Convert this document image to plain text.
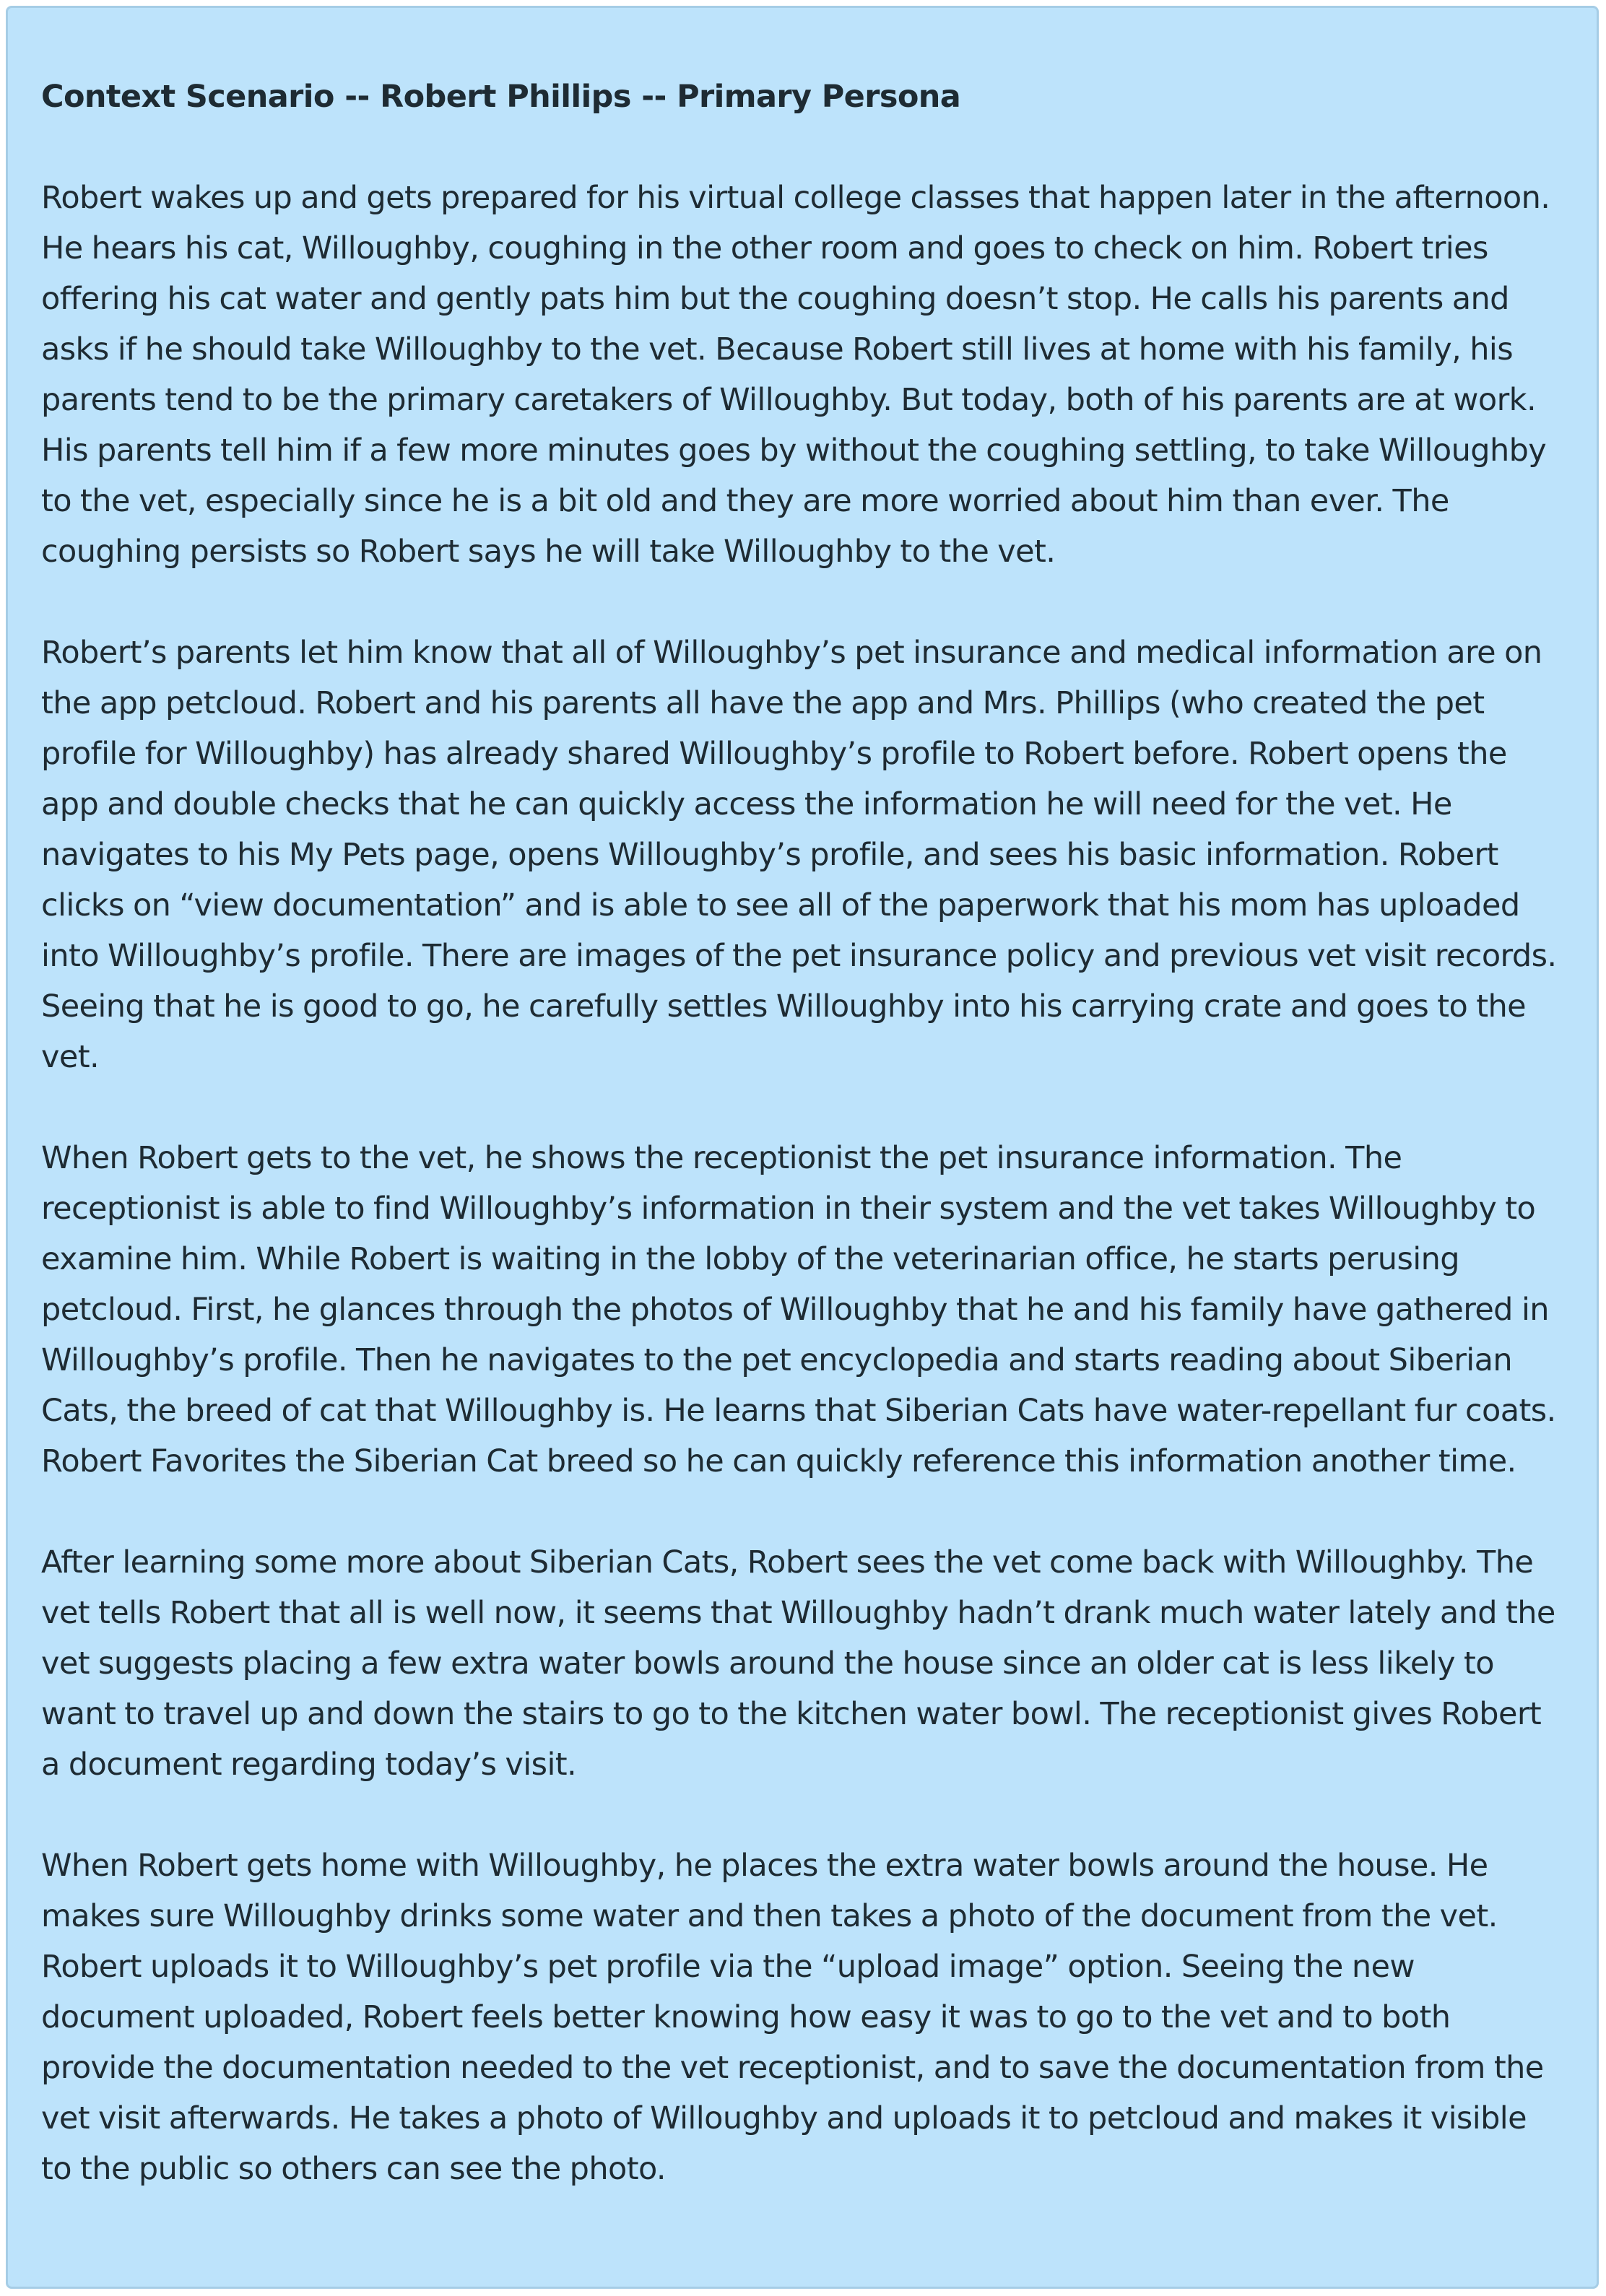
Context Scenario -- Robert Phillips -- Primary Persona

Robert wakes up and gets prepared for his virtual college classes that happen later in the afternoon. He hears his cat, Willoughby, coughing in the other room and goes to check on him. Robert tries offering his cat water and gently pats him but the coughing doesn’t stop. He calls his parents and asks if he should take Willoughby to the vet. Because Robert still lives at home with his family, his parents tend to be the primary caretakers of Willoughby. But today, both of his parents are at work. His parents tell him if a few more minutes goes by without the coughing settling, to take Willoughby to the vet, especially since he is a bit old and they are more worried about him than ever. The coughing persists so Robert says he will take Willoughby to the vet.

Robert’s parents let him know that all of Willoughby’s pet insurance and medical information are on the app petcloud. Robert and his parents all have the app and Mrs. Phillips (who created the pet profile for Willoughby) has already shared Willoughby’s profile to Robert before. Robert opens the app and double checks that he can quickly access the information he will need for the vet. He navigates to his My Pets page, opens Willoughby’s profile, and sees his basic information. Robert clicks on “view documentation” and is able to see all of the paperwork that his mom has uploaded into Willoughby’s profile. There are images of the pet insurance policy and previous vet visit records. Seeing that he is good to go, he carefully settles Willoughby into his carrying crate and goes to the vet.

When Robert gets to the vet, he shows the receptionist the pet insurance information. The receptionist is able to find Willoughby’s information in their system and the vet takes Willoughby to examine him. While Robert is waiting in the lobby of the veterinarian office, he starts perusing petcloud. First, he glances through the photos of Willoughby that he and his family have gathered in Willoughby’s profile. Then he navigates to the pet encyclopedia and starts reading about Siberian Cats, the breed of cat that Willoughby is. He learns that Siberian Cats have water-repellant fur coats. Robert Favorites the Siberian Cat breed so he can quickly reference this information another time.

After learning some more about Siberian Cats, Robert sees the vet come back with Willoughby. The vet tells Robert that all is well now, it seems that Willoughby hadn’t drank much water lately and the vet suggests placing a few extra water bowls around the house since an older cat is less likely to want to travel up and down the stairs to go to the kitchen water bowl. The receptionist gives Robert a document regarding today’s visit.

When Robert gets home with Willoughby, he places the extra water bowls around the house. He makes sure Willoughby drinks some water and then takes a photo of the document from the vet. Robert uploads it to Willoughby’s pet profile via the “upload image” option. Seeing the new document uploaded, Robert feels better knowing how easy it was to go to the vet and to both provide the documentation needed to the vet receptionist, and to save the documentation from the vet visit afterwards. He takes a photo of Willoughby and uploads it to petcloud and makes it visible to the public so others can see the photo.
